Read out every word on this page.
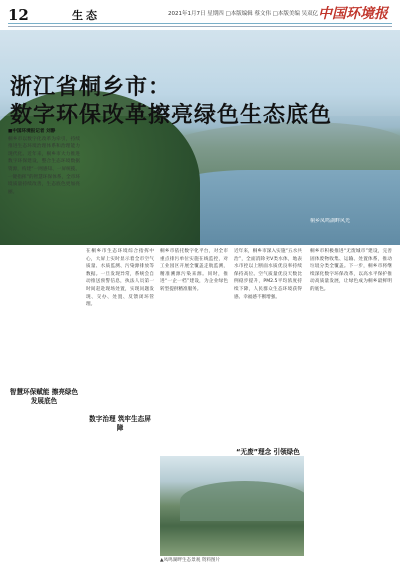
12	生态	2021年1月7日 星期四 □本版编辑 蔡文伟 □本版美编 吴双亿 中国环境报
浙江省桐乡市：
数字环保改革擦亮绿色生态底色
桐乡凤鸣湖畔风光
■中国环境报记者 刘静
桐乡市以数字化改革为牵引，持续推进生态环境治理体系和治理能力现代化。近年来，桐乡市大力推进数字环保建设，整合生态环境数据资源，构建“一网感知、一屏统揽、一键指挥”的智慧环保体系，全市环境质量持续改善，生态底色更加亮丽。
智慧环保赋能 擦亮绿色发展底色
在桐乡市生态环境综合指挥中心，大屏上实时显示着全市空气质量、水质监测、污染源排放等数据。一旦发现异常，系统会自动推送预警信息，执法人员第一时间赶赴现场处置，实现问题发现、交办、处置、反馈闭环管理。
数字治理 筑牢生态屏障
桐乡市依托数字化平台，对全市重点排污单位实施在线监控，对工业园区开展全覆盖走航监测，精准溯源污染来源。同时，推进“一企一档”建设，为企业绿色转型提供精准服务。
近年来，桐乡市深入实施“五水共治”，全面消除劣V类水体，地表水市控以上断面水质优良率持续保持高位。空气质量优良天数比例稳步提升，PM2.5平均浓度持续下降，人民群众生态环境获得感、幸福感不断增强。
“无废”理念 引领绿色
桐乡市积极推进“无废城市”建设，完善固体废物收集、运输、处置体系，推动垃圾分类全覆盖。下一步，桐乡市将继续深化数字环保改革，以高水平保护推动高质量发展，让绿色成为桐乡最鲜明的底色。
▲凤鸣湖畔生态景观 资料图片
